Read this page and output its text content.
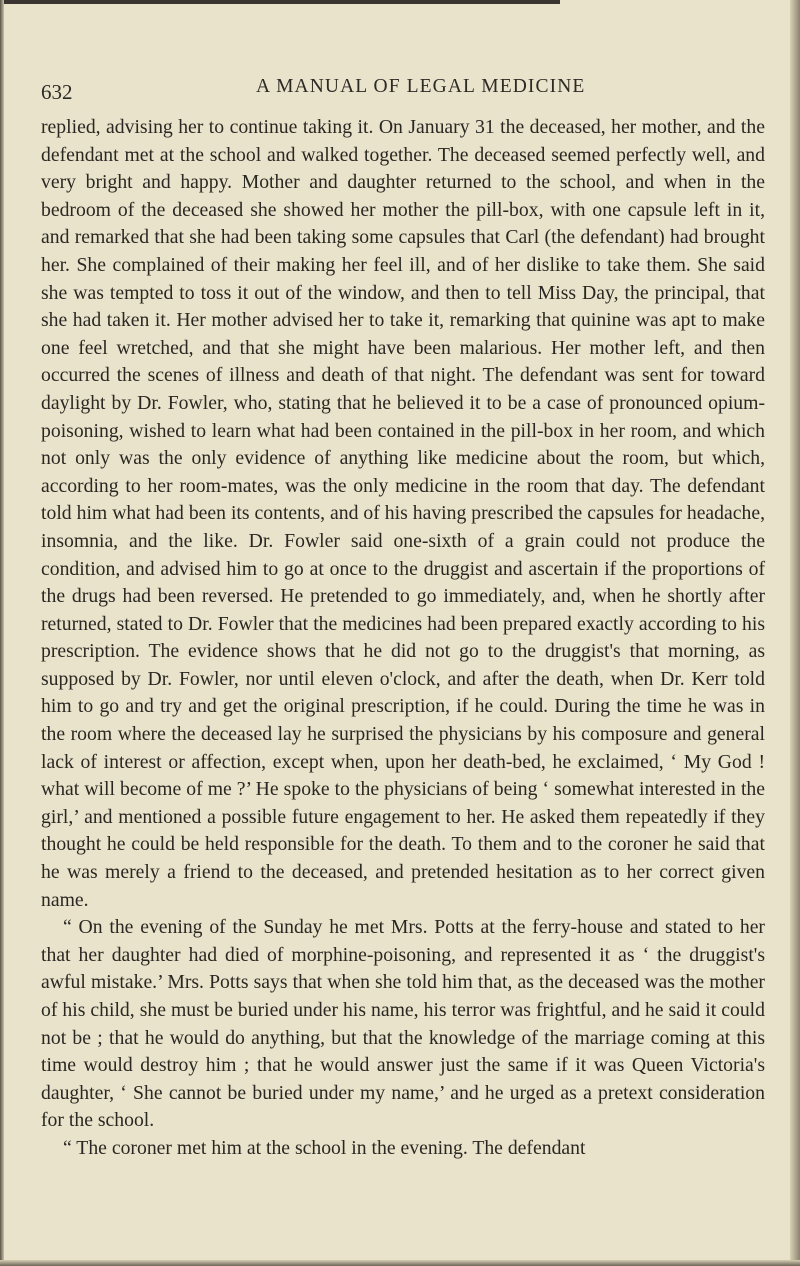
632	A MANUAL OF LEGAL MEDICINE

replied, advising her to continue taking it. On January 31 the deceased, her mother, and the defendant met at the school and walked together. The deceased seemed perfectly well, and very bright and happy. Mother and daughter returned to the school, and when in the bedroom of the deceased she showed her mother the pill-box, with one capsule left in it, and remarked that she had been taking some capsules that Carl (the defendant) had brought her. She complained of their making her feel ill, and of her dislike to take them. She said she was tempted to toss it out of the window, and then to tell Miss Day, the principal, that she had taken it. Her mother advised her to take it, remarking that quinine was apt to make one feel wretched, and that she might have been malarious. Her mother left, and then occurred the scenes of illness and death of that night. The defendant was sent for toward daylight by Dr. Fowler, who, stating that he believed it to be a case of pronounced opium-poisoning, wished to learn what had been contained in the pill-box in her room, and which not only was the only evidence of anything like medicine about the room, but which, according to her room-mates, was the only medicine in the room that day. The defendant told him what had been its contents, and of his having prescribed the capsules for headache, insomnia, and the like. Dr. Fowler said one-sixth of a grain could not produce the condition, and advised him to go at once to the druggist and ascertain if the proportions of the drugs had been reversed. He pretended to go immediately, and, when he shortly after returned, stated to Dr. Fowler that the medicines had been prepared exactly according to his prescription. The evidence shows that he did not go to the druggist's that morning, as supposed by Dr. Fowler, nor until eleven o'clock, and after the death, when Dr. Kerr told him to go and try and get the original prescription, if he could. During the time he was in the room where the deceased lay he surprised the physicians by his composure and general lack of interest or affection, except when, upon her death-bed, he exclaimed, ‘ My God ! what will become of me ?’ He spoke to the physicians of being ‘ somewhat interested in the girl,’ and mentioned a possible future engagement to her. He asked them repeatedly if they thought he could be held responsible for the death. To them and to the coroner he said that he was merely a friend to the deceased, and pretended hesitation as to her correct given name.

“ On the evening of the Sunday he met Mrs. Potts at the ferry-house and stated to her that her daughter had died of morphine-poisoning, and represented it as ‘ the druggist's awful mistake.’ Mrs. Potts says that when she told him that, as the deceased was the mother of his child, she must be buried under his name, his terror was frightful, and he said it could not be ; that he would do anything, but that the knowledge of the marriage coming at this time would destroy him ; that he would answer just the same if it was Queen Victoria's daughter, ‘ She cannot be buried under my name,’ and he urged as a pretext consideration for the school.

“ The coroner met him at the school in the evening. The defendant
